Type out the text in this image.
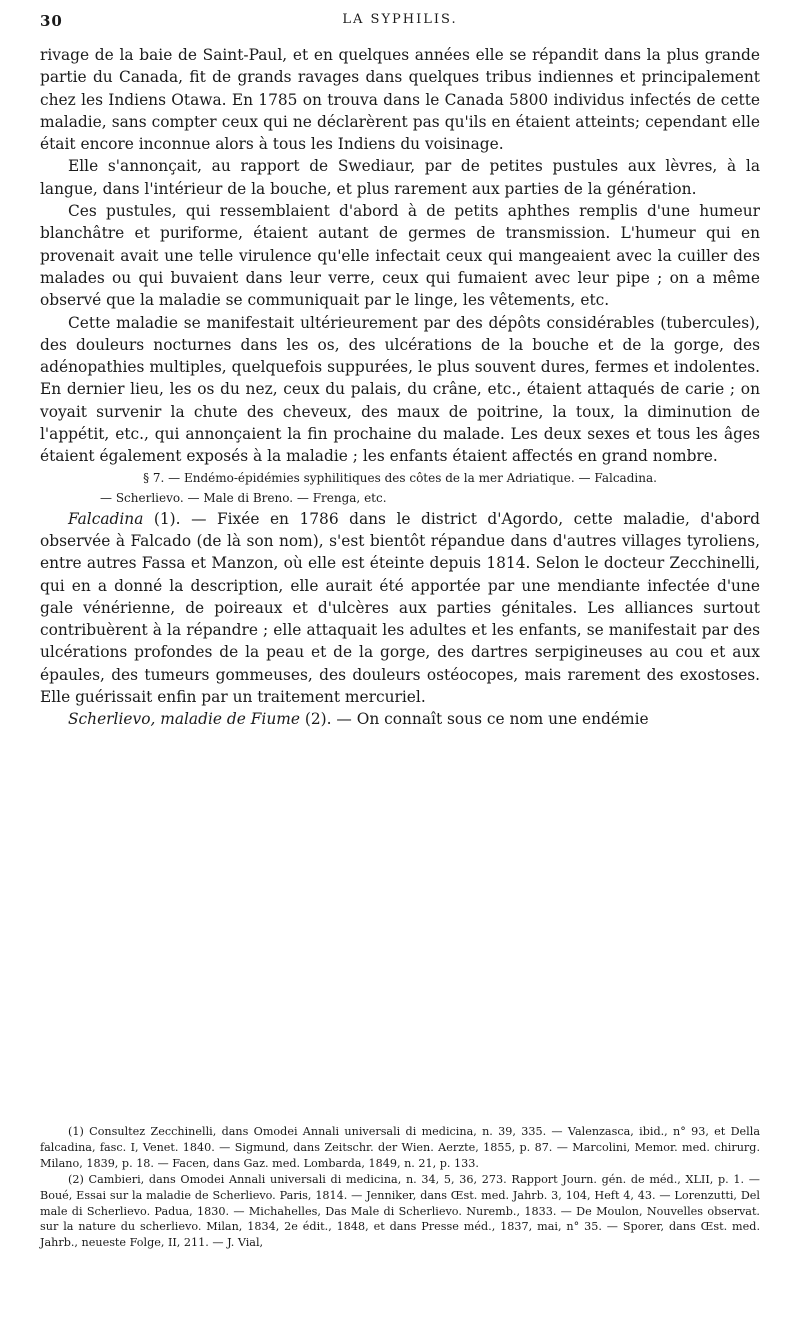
30	LA SYPHILIS.

rivage de la baie de Saint-Paul, et en quelques années elle se répandit dans la plus grande partie du Canada, fit de grands ravages dans quelques tribus indiennes et principalement chez les Indiens Otawa. En 1785 on trouva dans le Canada 5800 individus infectés de cette maladie, sans compter ceux qui ne déclarèrent pas qu'ils en étaient atteints; cependant elle était encore inconnue alors à tous les Indiens du voisinage.

Elle s'annonçait, au rapport de Swediaur, par de petites pustules aux lèvres, à la langue, dans l'intérieur de la bouche, et plus rarement aux parties de la génération.

Ces pustules, qui ressemblaient d'abord à de petits aphthes remplis d'une humeur blanchâtre et puriforme, étaient autant de germes de transmission. L'humeur qui en provenait avait une telle virulence qu'elle infectait ceux qui mangeaient avec la cuiller des malades ou qui buvaient dans leur verre, ceux qui fumaient avec leur pipe ; on a même observé que la maladie se communiquait par le linge, les vêtements, etc.

Cette maladie se manifestait ultérieurement par des dépôts considérables (tubercules), des douleurs nocturnes dans les os, des ulcérations de la bouche et de la gorge, des adénopathies multiples, quelquefois suppurées, le plus souvent dures, fermes et indolentes. En dernier lieu, les os du nez, ceux du palais, du crâne, etc., étaient attaqués de carie ; on voyait survenir la chute des cheveux, des maux de poitrine, la toux, la diminution de l'appétit, etc., qui annonçaient la fin prochaine du malade. Les deux sexes et tous les âges étaient également exposés à la maladie ; les enfants étaient affectés en grand nombre.

§ 7. — Endémo-épidémies syphilitiques des côtes de la mer Adriatique. — Falcadina.
— Scherlievo. — Male di Breno. — Frenga, etc.

Falcadina (1). — Fixée en 1786 dans le district d'Agordo, cette maladie, d'abord observée à Falcado (de là son nom), s'est bientôt répandue dans d'autres villages tyroliens, entre autres Fassa et Manzon, où elle est éteinte depuis 1814. Selon le docteur Zecchinelli, qui en a donné la description, elle aurait été apportée par une mendiante infectée d'une gale vénérienne, de poireaux et d'ulcères aux parties génitales. Les alliances surtout contribuèrent à la répandre ; elle attaquait les adultes et les enfants, se manifestait par des ulcérations profondes de la peau et de la gorge, des dartres serpigineuses au cou et aux épaules, des tumeurs gommeuses, des douleurs ostéocopes, mais rarement des exostoses. Elle guérissait enfin par un traitement mercuriel.

Scherlievo, maladie de Fiume (2). — On connaît sous ce nom une endémie

(1) Consultez Zecchinelli, dans Omodei Annali universali di medicina, n. 39, 335. — Valenzasca, ibid., n° 93, et Della falcadina, fasc. I, Venet. 1840. — Sigmund, dans Zeitschr. der Wien. Aerzte, 1855, p. 87. — Marcolini, Memor. med. chirurg. Milano, 1839, p. 18. — Facen, dans Gaz. med. Lombarda, 1849, n. 21, p. 133.

(2) Cambieri, dans Omodei Annali universali di medicina, n. 34, 5, 36, 273. Rapport Journ. gén. de méd., XLII, p. 1. — Boué, Essai sur la maladie de Scherlievo. Paris, 1814. — Jenniker, dans Œst. med. Jahrb. 3, 104, Heft 4, 43. — Lorenzutti, Del male di Scherlievo. Padua, 1830. — Michahelles, Das Male di Scherlievo. Nuremb., 1833. — De Moulon, Nouvelles observat. sur la nature du scherlievo. Milan, 1834, 2e édit., 1848, et dans Presse méd., 1837, mai, n° 35. — Sporer, dans Œst. med. Jahrb., neueste Folge, II, 211. — J. Vial,
